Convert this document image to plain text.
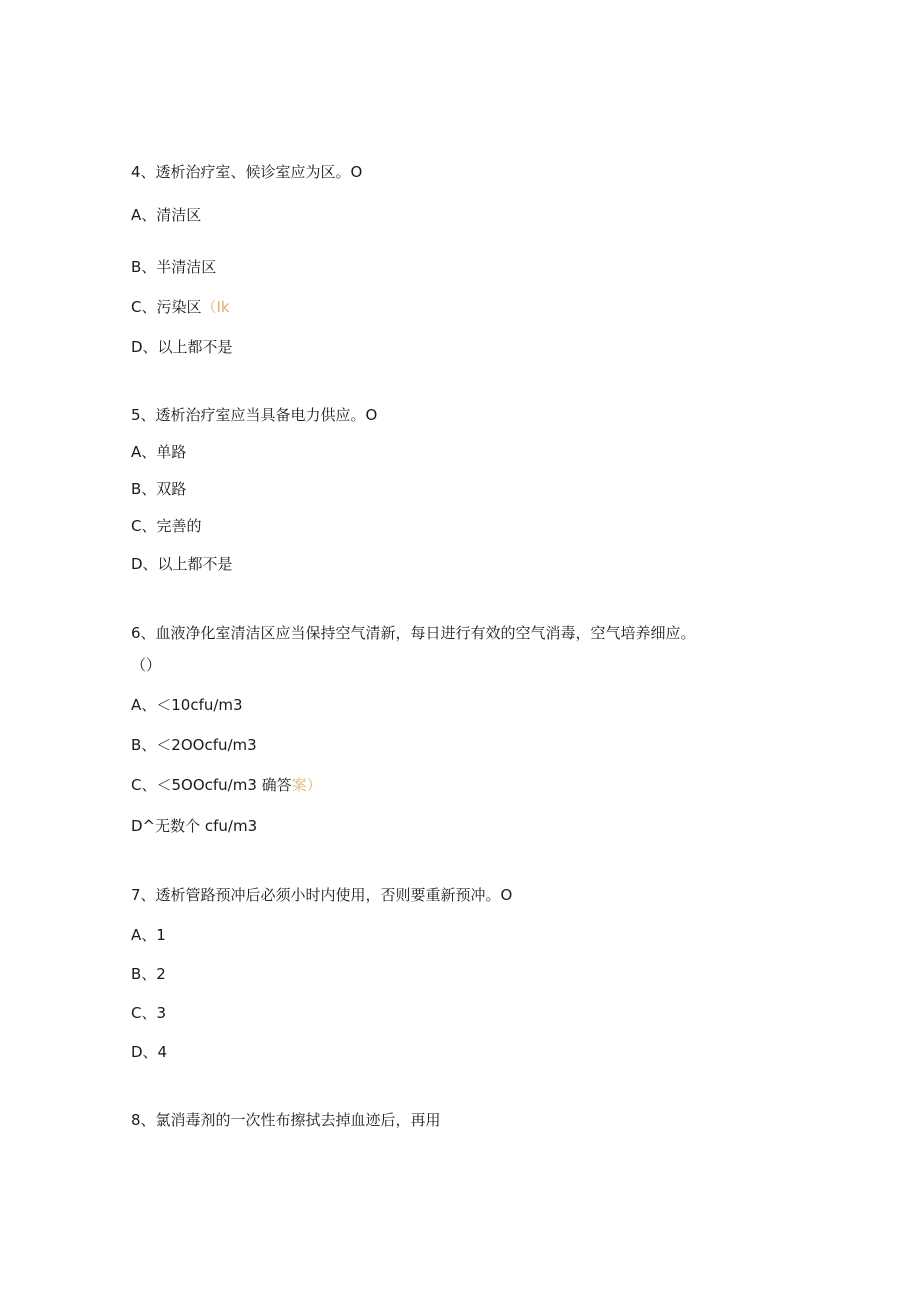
4、透析治疗室、候诊室应为区。O

A、清洁区

B、半清洁区

C、污染区（Ik

D、以上都不是

5、透析治疗室应当具备电力供应。O

A、单路

B、双路

C、完善的

D、以上都不是

6、血液净化室清洁区应当保持空气清新，每日进行有效的空气消毒，空气培养细应。

（）

A、＜10cfu∕m3

B、＜2OOcfu∕m3

C、＜5OOcfu∕m3 确答案）

D^无数个 cfu∕m3

7、透析管路预冲后必须小时内使用，否则要重新预冲。O

A、1

B、2

C、3

D、4

8、氯消毒剂的一次性布擦拭去掉血迹后，再用
